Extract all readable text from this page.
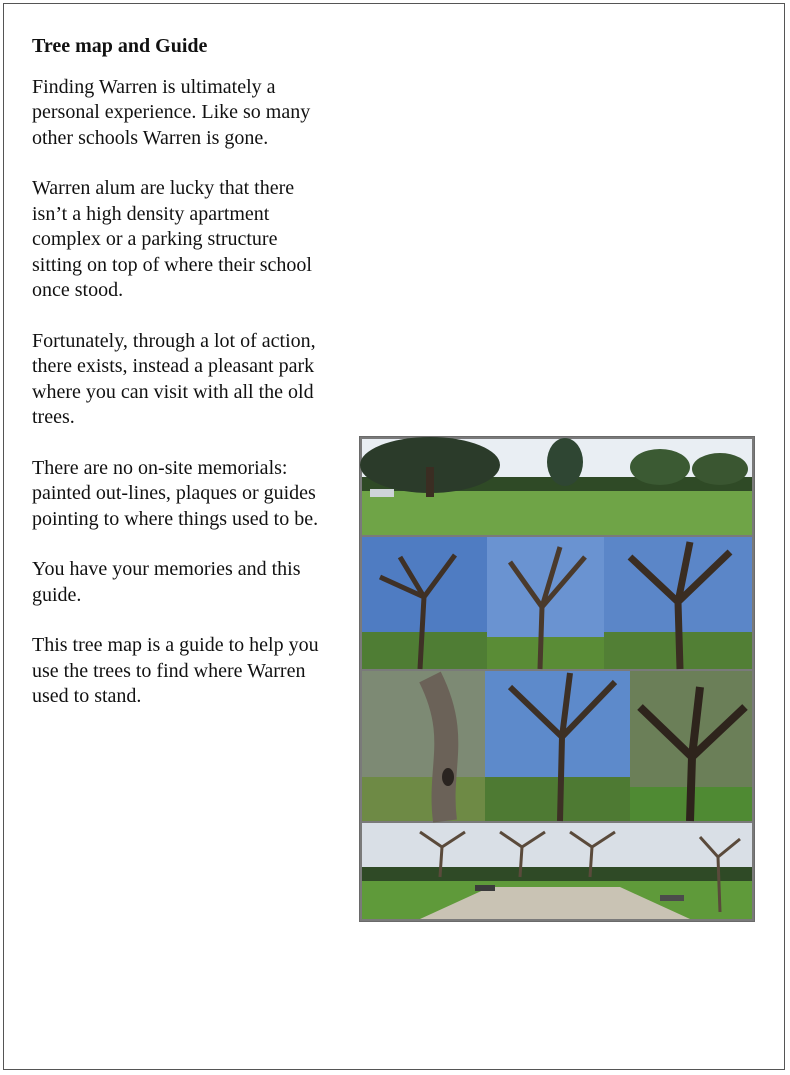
Tree map and Guide

Finding Warren is ultimately a personal experience. Like so many other schools Warren is gone.

Warren alum are lucky that there isn’t a high density apartment complex or a parking structure sitting on top of where their school once stood.

Fortunately, through a lot of action, there exists, instead a pleasant park where you can visit with all the old trees.

There are no on-site memorials: painted out-lines, plaques or guides pointing to where things used to be.

You have your memories and this guide.

This tree map is a guide to help you use the trees to find where Warren used to stand.
